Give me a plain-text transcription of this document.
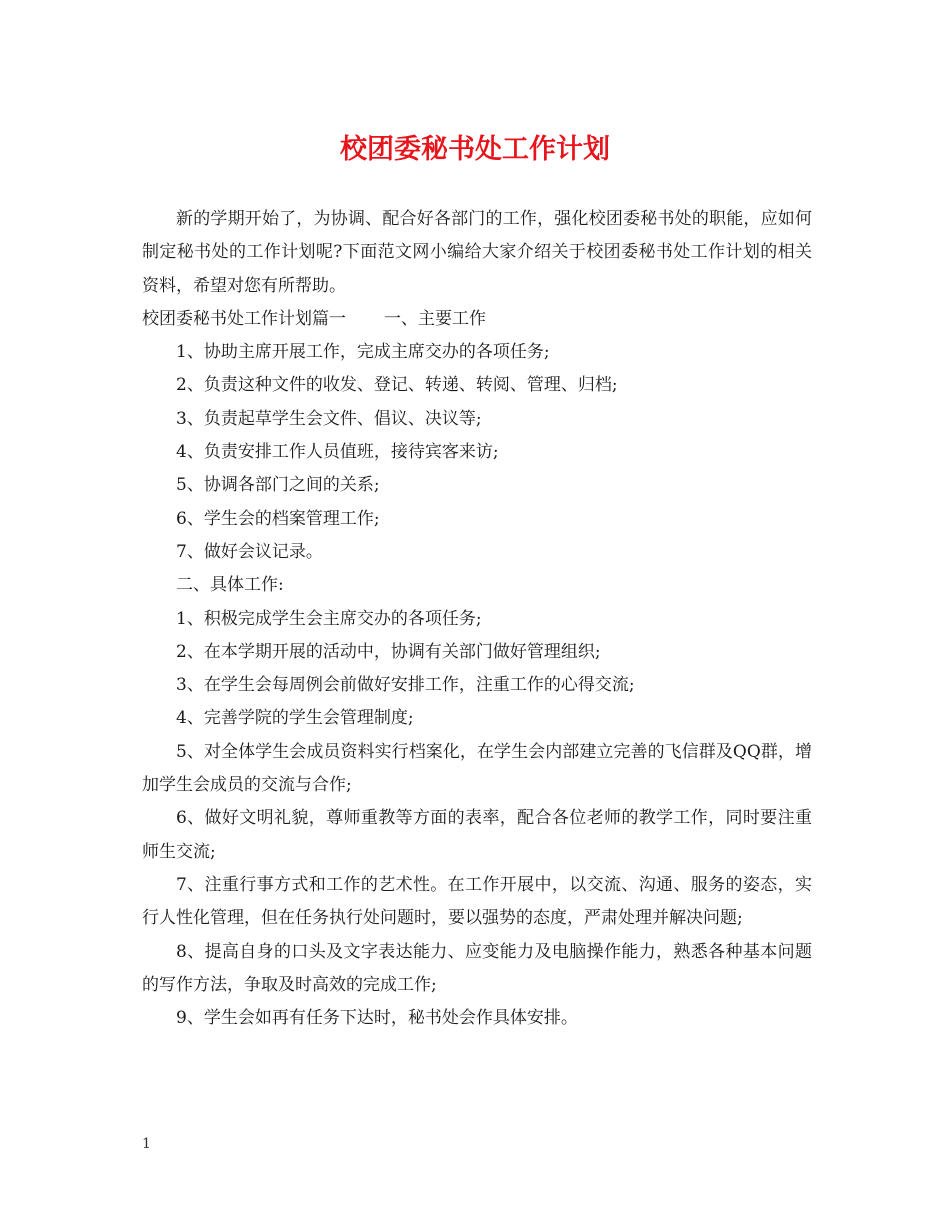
校团委秘书处工作计划

新的学期开始了，为协调、配合好各部门的工作，强化校团委秘书处的职能，应如何制定秘书处的工作计划呢?下面范文网小编给大家介绍关于校团委秘书处工作计划的相关资料，希望对您有所帮助。

校团委秘书处工作计划篇一 一、主要工作

1、协助主席开展工作，完成主席交办的各项任务;

2、负责这种文件的收发、登记、转递、转阅、管理、归档;

3、负责起草学生会文件、倡议、决议等;

4、负责安排工作人员值班，接待宾客来访;

5、协调各部门之间的关系;

6、学生会的档案管理工作;

7、做好会议记录。

二、具体工作:

1、积极完成学生会主席交办的各项任务;

2、在本学期开展的活动中，协调有关部门做好管理组织;

3、在学生会每周例会前做好安排工作，注重工作的心得交流;

4、完善学院的学生会管理制度;

5、对全体学生会成员资料实行档案化，在学生会内部建立完善的飞信群及QQ群，增加学生会成员的交流与合作;

6、做好文明礼貌，尊师重教等方面的表率，配合各位老师的教学工作，同时要注重师生交流;

7、注重行事方式和工作的艺术性。在工作开展中，以交流、沟通、服务的姿态，实行人性化管理，但在任务执行处问题时，要以强势的态度，严肃处理并解决问题;

8、提高自身的口头及文字表达能力、应变能力及电脑操作能力，熟悉各种基本问题的写作方法，争取及时高效的完成工作;

9、学生会如再有任务下达时，秘书处会作具体安排。

1
